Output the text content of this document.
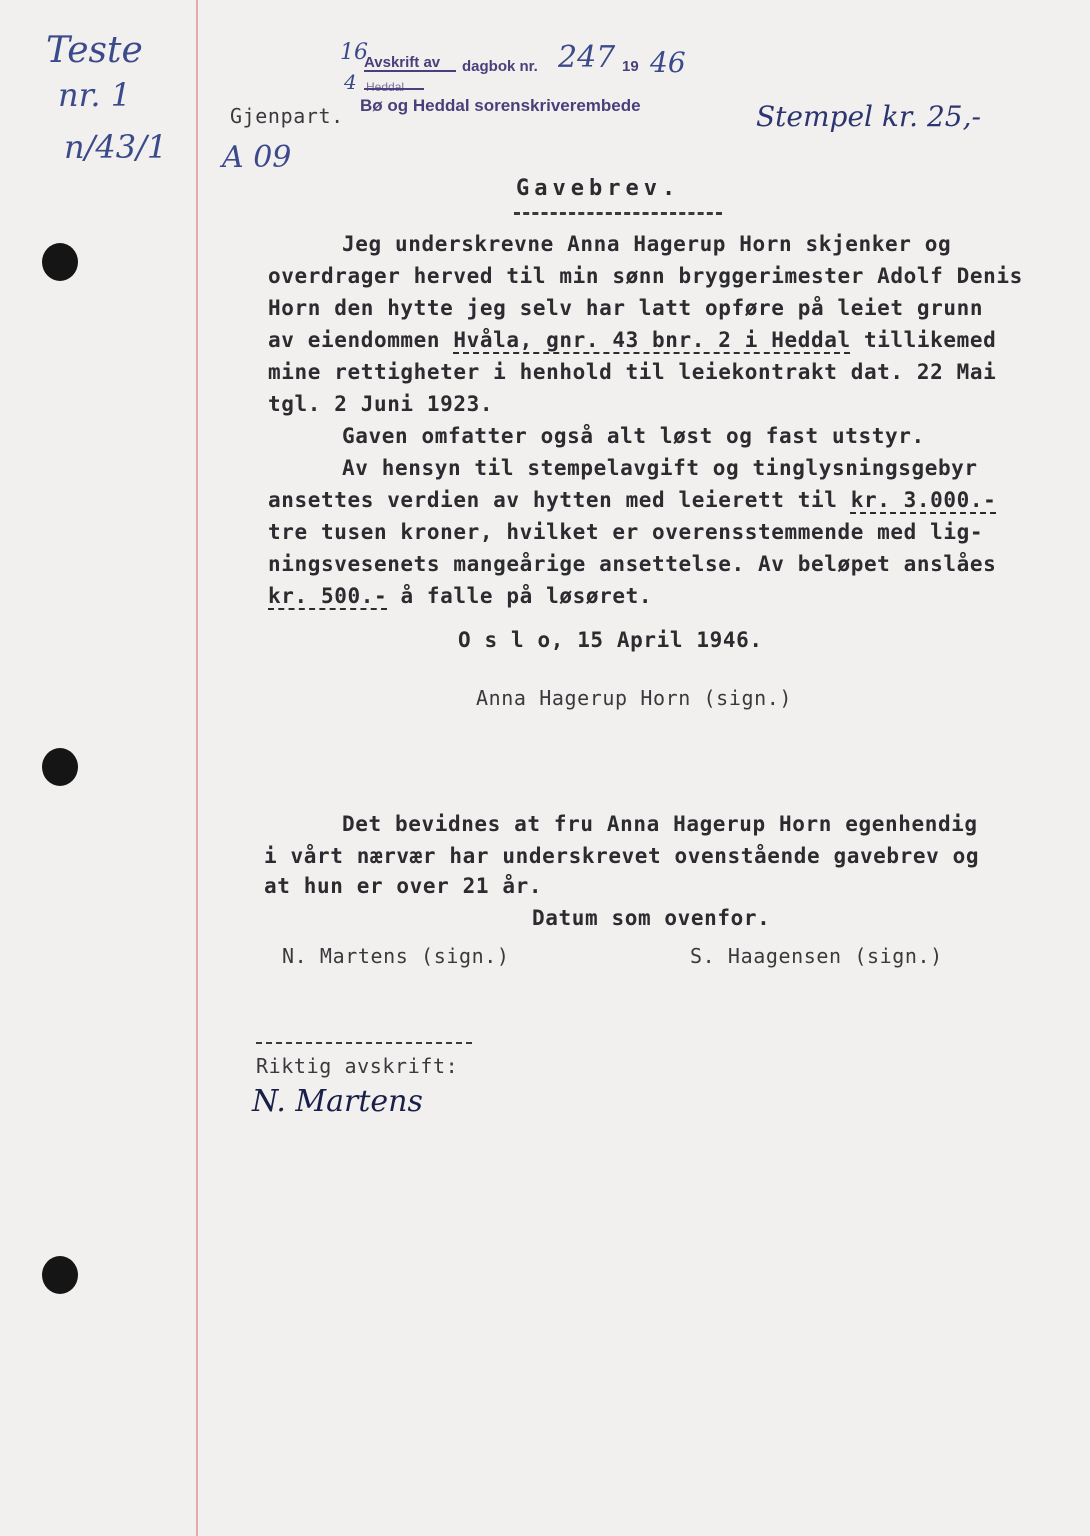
Teste
nr. 1
n/43/1 A 09
16
4
Avskrift av dagbok nr. 247 19 46
Heddal
Bø og Heddal sorenskriverembede
Gjenpart.	Stempel kr. 25,-
Gavebrev.
Jeg underskrevne Anna Hagerup Horn skjenker og
overdrager herved til min sønn bryggerimester Adolf Denis
Horn den hytte jeg selv har latt opføre på leiet grunn
av eiendommen Hvåla, gnr. 43 bnr. 2 i Heddal tillikemed
mine rettigheter i henhold til leiekontrakt dat. 22 Mai
tgl. 2 Juni 1923.
Gaven omfatter også alt løst og fast utstyr.
Av hensyn til stempelavgift og tinglysningsgebyr
ansettes verdien av hytten med leierett til kr. 3.000.-
tre tusen kroner, hvilket er overensstemmende med lig-
ningsvesenets mangeårige ansettelse. Av beløpet anslåes
kr. 500.- å falle på løsøret.
O s l o, 15 April 1946.
Anna Hagerup Horn (sign.)
Det bevidnes at fru Anna Hagerup Horn egenhendig
i vårt nærvær har underskrevet ovenstående gavebrev og
at hun er over 21 år.
Datum som ovenfor.
N. Martens (sign.)	S. Haagensen (sign.)
Riktig avskrift:
N. Martens
